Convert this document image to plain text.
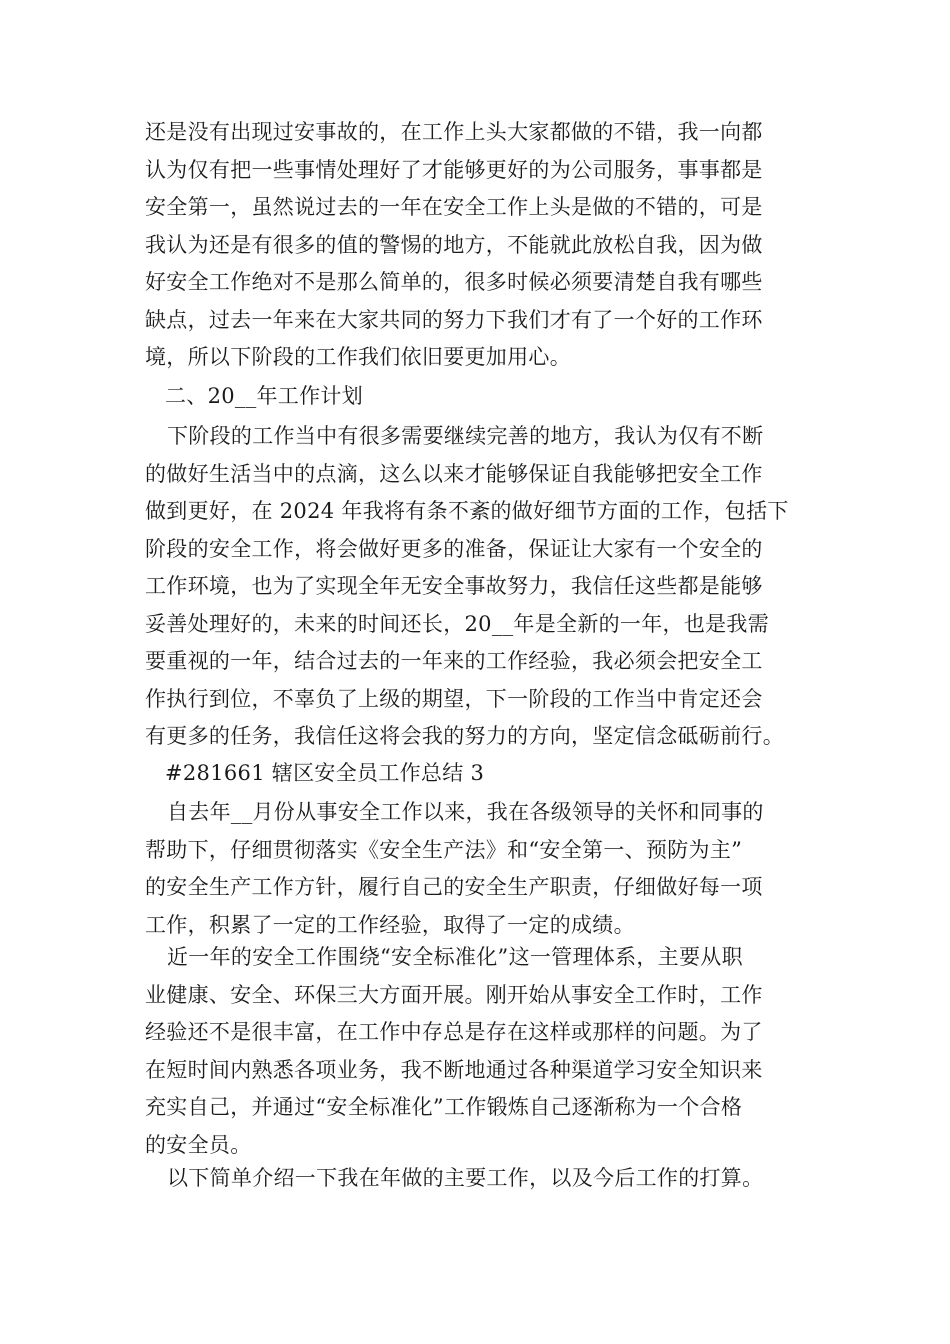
还是没有出现过安事故的，在工作上头大家都做的不错，我一向都
认为仅有把一些事情处理好了才能够更好的为公司服务，事事都是
安全第一，虽然说过去的一年在安全工作上头是做的不错的，可是
我认为还是有很多的值的警惕的地方，不能就此放松自我，因为做
好安全工作绝对不是那么简单的，很多时候必须要清楚自我有哪些
缺点，过去一年来在大家共同的努力下我们才有了一个好的工作环
境，所以下阶段的工作我们依旧要更加用心。
二、20__年工作计划
下阶段的工作当中有很多需要继续完善的地方，我认为仅有不断
的做好生活当中的点滴，这么以来才能够保证自我能够把安全工作
做到更好，在 2024 年我将有条不紊的做好细节方面的工作，包括下
阶段的安全工作，将会做好更多的准备，保证让大家有一个安全的
工作环境，也为了实现全年无安全事故努力，我信任这些都是能够
妥善处理好的，未来的时间还长，20__年是全新的一年，也是我需
要重视的一年，结合过去的一年来的工作经验，我必须会把安全工
作执行到位，不辜负了上级的期望，下一阶段的工作当中肯定还会
有更多的任务，我信任这将会我的努力的方向，坚定信念砥砺前行。
#281661 辖区安全员工作总结 3
自去年__月份从事安全工作以来，我在各级领导的关怀和同事的
帮助下，仔细贯彻落实《安全生产法》和“安全第一、预防为主”
的安全生产工作方针，履行自己的安全生产职责，仔细做好每一项
工作，积累了一定的工作经验，取得了一定的成绩。
近一年的安全工作围绕“安全标准化”这一管理体系，主要从职
业健康、安全、环保三大方面开展。刚开始从事安全工作时，工作
经验还不是很丰富，在工作中存总是存在这样或那样的问题。为了
在短时间内熟悉各项业务，我不断地通过各种渠道学习安全知识来
充实自己，并通过“安全标准化”工作锻炼自己逐渐称为一个合格
的安全员。
以下简单介绍一下我在年做的主要工作，以及今后工作的打算。
